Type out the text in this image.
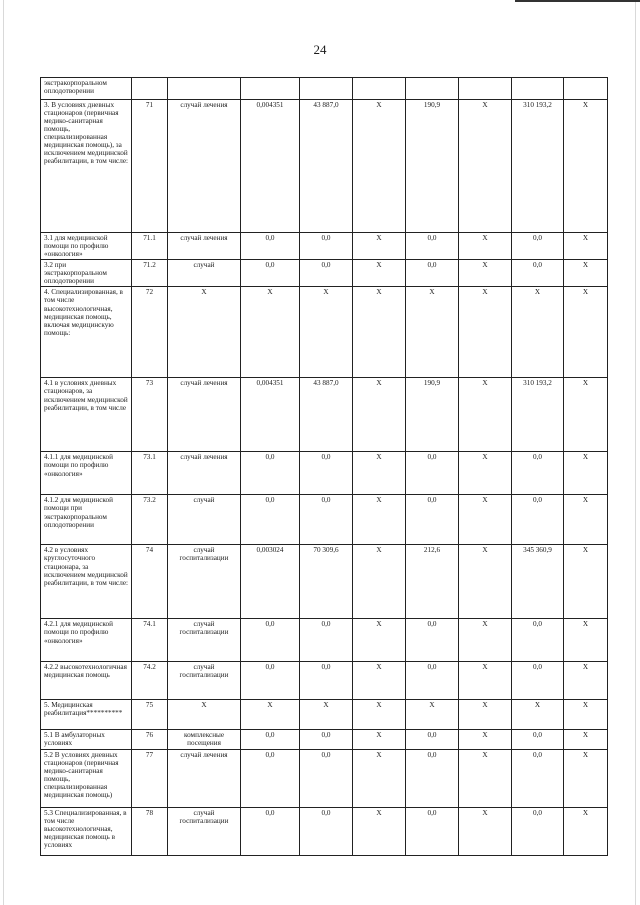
24
экстракорпоральном оплодотворении									
3. В условиях дневных стационаров (первичная медико-санитарная помощь, специализированная медицинская помощь), за исключением медицинской реабилитации, в том числе:	71	случай лечения	0,004351	43 887,0	X	190,9	X	310 193,2	X
3.1 для медицинской помощи по профилю «онкология»	71.1	случай лечения	0,0	0,0	X	0,0	X	0,0	X
3.2 при экстракорпоральном оплодотворении	71.2	случай	0,0	0,0	X	0,0	X	0,0	X
4. Специализированная, в том числе высокотехнологичная, медицинская помощь, включая медицинскую помощь:	72	X	X	X	X	X	X	X	X
4.1 в условиях дневных стационаров, за исключением медицинской реабилитации, в том числе	73	случай лечения	0,004351	43 887,0	X	190,9	X	310 193,2	X
4.1.1 для медицинской помощи по профилю «онкология»	73.1	случай лечения	0,0	0,0	X	0,0	X	0,0	X
4.1.2 для медицинской помощи при экстракорпоральном оплодотворении	73.2	случай	0,0	0,0	X	0,0	X	0,0	X
4.2 в условиях круглосуточного стационара, за исключением медицинской реабилитации, в том числе:	74	случай госпитализации	0,003024	70 309,6	X	212,6	X	345 360,9	X
4.2.1 для медицинской помощи по профилю «онкология»	74.1	случай госпитализации	0,0	0,0	X	0,0	X	0,0	X
4.2.2 высокотехнологичная медицинская помощь	74.2	случай госпитализации	0,0	0,0	X	0,0	X	0,0	X
5. Медицинская реабилитация**********	75	X	X	X	X	X	X	X	X
5.1 В амбулаторных условиях	76	комплексные посещения	0,0	0,0	X	0,0	X	0,0	X
5.2 В условиях дневных стационаров (первичная медико-санитарная помощь, специализированная медицинская помощь)	77	случай лечения	0,0	0,0	X	0,0	X	0,0	X
5.3 Специализированная, в том числе высокотехнологичная, медицинская помощь в условиях	78	случай госпитализации	0,0	0,0	X	0,0	X	0,0	X
